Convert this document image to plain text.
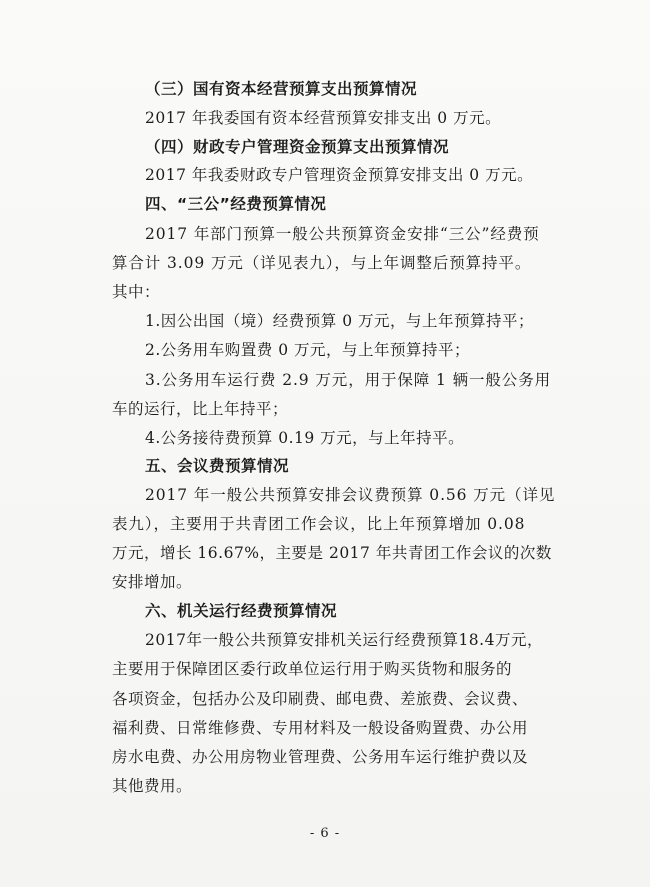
（三）国有资本经营预算支出预算情况
2017 年我委国有资本经营预算安排支出 0 万元。
（四）财政专户管理资金预算支出预算情况
2017 年我委财政专户管理资金预算安排支出 0 万元。
四、“三公”经费预算情况
2017 年部门预算一般公共预算资金安排“三公”经费预
算合计 3.09 万元（详见表九），与上年调整后预算持平。
其中：
1.因公出国（境）经费预算 0 万元，与上年预算持平；
2.公务用车购置费 0 万元，与上年预算持平；
3.公务用车运行费 2.9 万元，用于保障 1 辆一般公务用
车的运行，比上年持平；
4.公务接待费预算 0.19 万元，与上年持平。
五、会议费预算情况
2017 年一般公共预算安排会议费预算 0.56 万元（详见
表九），主要用于共青团工作会议，比上年预算增加 0.08
万元，增长 16.67%，主要是 2017 年共青团工作会议的次数
安排增加。
六、机关运行经费预算情况
2017年一般公共预算安排机关运行经费预算18.4万元，
主要用于保障团区委行政单位运行用于购买货物和服务的
各项资金，包括办公及印刷费、邮电费、差旅费、会议费、
福利费、日常维修费、专用材料及一般设备购置费、办公用
房水电费、办公用房物业管理费、公务用车运行维护费以及
其他费用。
- 6 -
